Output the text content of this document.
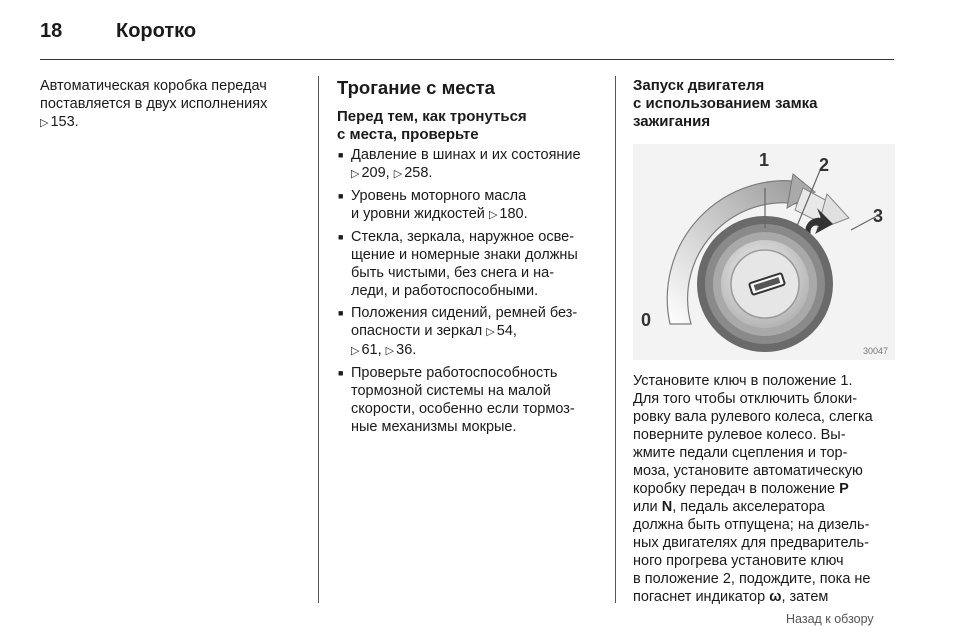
18	Коротко
Автоматическая коробка передач
поставляется в двух исполнениях
▷ 153.
Трогание с места
Перед тем, как тронуться
с места, проверьте
■ Давление в шинах и их состояние
▷ 209, ▷ 258.
■ Уровень моторного масла
и уровни жидкостей ▷ 180.
■ Стекла, зеркала, наружное осве-
щение и номерные знаки должны
быть чистыми, без снега и на-
леди, и работоспособными.
■ Положения сидений, ремней без-
опасности и зеркал ▷ 54,
▷ 61, ▷ 36.
■ Проверьте работоспособность
тормозной системы на малой
скорости, особенно если тормоз-
ные механизмы мокрые.
Запуск двигателя
с использованием замка
зажигания
0
1	2
3
30047
Установите ключ в положение 1.
Для того чтобы отключить блоки-
ровку вала рулевого колеса, слегка
поверните рулевое колесо. Вы-
жмите педали сцепления и тор-
моза, установите автоматическую
коробку передач в положение P
или N, педаль акселератора
должна быть отпущена; на дизель-
ных двигателях для предваритель-
ного прогрева установите ключ
в положение 2, подождите, пока не
погаснет индикатор ω, затем
Назад к обзору
